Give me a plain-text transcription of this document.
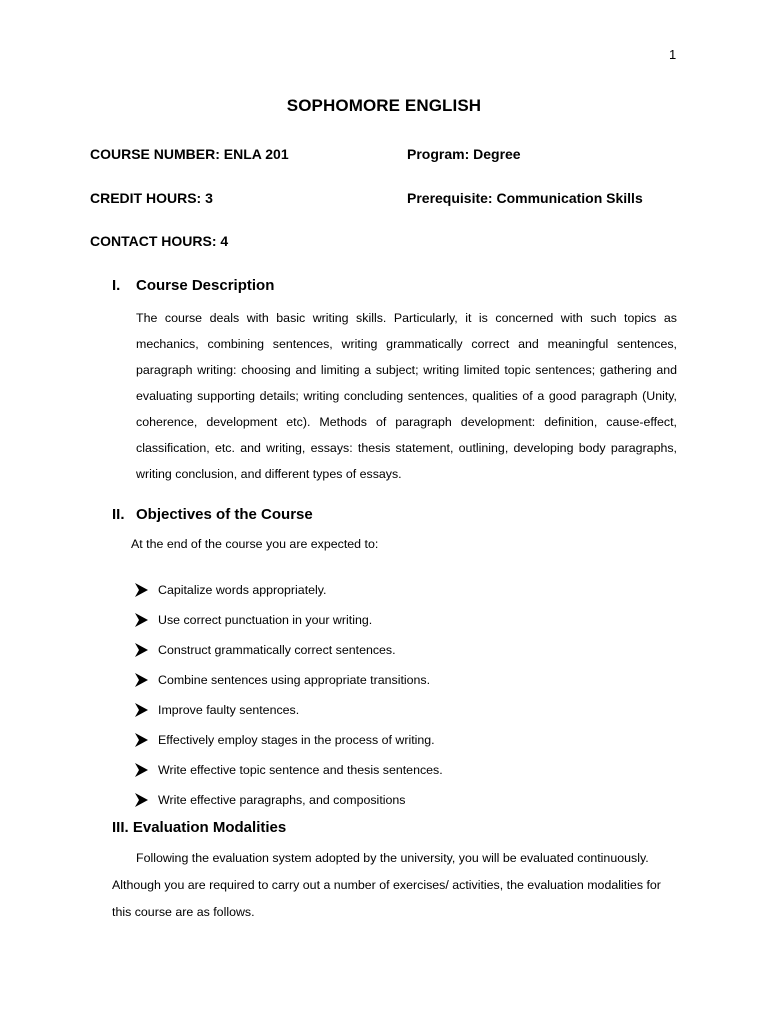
1
SOPHOMORE ENGLISH
COURSE NUMBER: ENLA 201	Program: Degree
CREDIT HOURS: 3	Prerequisite: Communication Skills
CONTACT HOURS: 4
I. Course Description

The course deals with basic writing skills. Particularly, it is concerned with such topics as mechanics, combining sentences, writing grammatically correct and meaningful sentences, paragraph writing: choosing and limiting a subject; writing limited topic sentences; gathering and evaluating supporting details; writing concluding sentences, qualities of a good paragraph (Unity, coherence, development etc). Methods of paragraph development: definition, cause-effect, classification, etc. and writing, essays: thesis statement, outlining, developing body paragraphs, writing conclusion, and different types of essays.

II. Objectives of the Course
At the end of the course you are expected to:
Capitalize words appropriately.
Use correct punctuation in your writing.
Construct grammatically correct sentences.
Combine sentences using appropriate transitions.
Improve faulty sentences.
Effectively employ stages in the process of writing.
Write effective topic sentence and thesis sentences.
Write effective paragraphs, and compositions
III. Evaluation Modalities

Following the evaluation system adopted by the university, you will be evaluated continuously. Although you are required to carry out a number of exercises/ activities, the evaluation modalities for this course are as follows.
